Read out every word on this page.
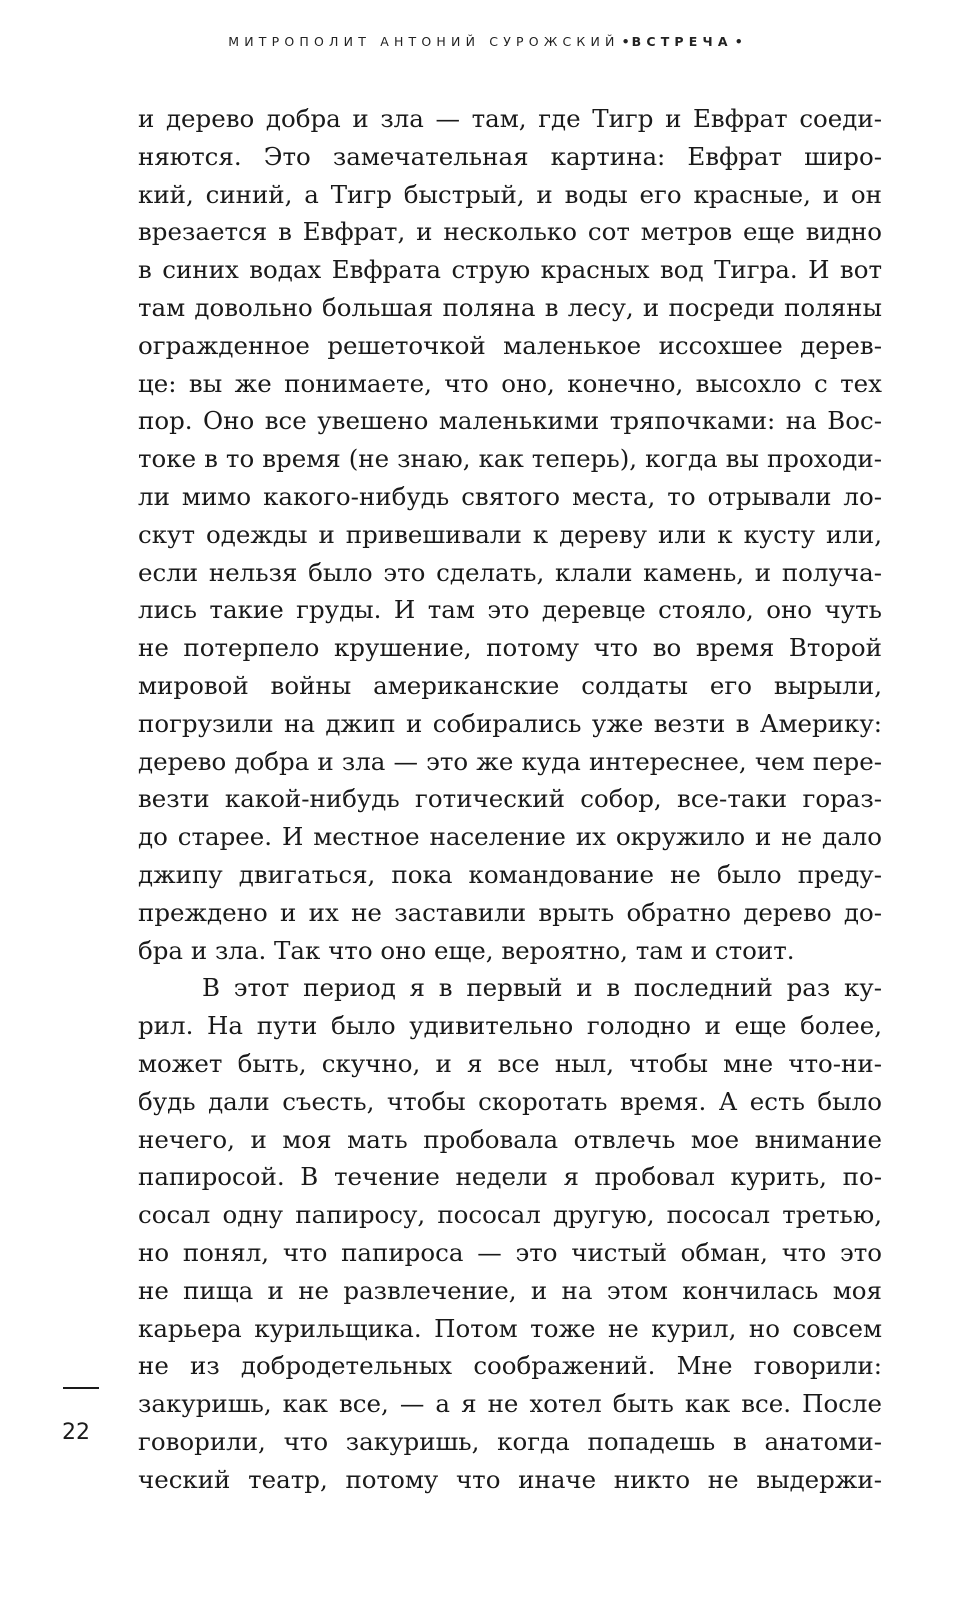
МИТРОПОЛИТ АНТОНИЙ СУРОЖСКИЙ • ВСТРЕЧА •
и дерево добра и зла — там, где Тигр и Евфрат соеди-
няются. Это замечательная картина: Евфрат широ-
кий, синий, а Тигр быстрый, и воды его красные, и он
врезается в Евфрат, и несколько сот метров еще видно
в синих водах Евфрата струю красных вод Тигра. И вот
там довольно большая поляна в лесу, и посреди поляны
огражденное решеточкой маленькое иссохшее дерев-
це: вы же понимаете, что оно, конечно, высохло с тех
пор. Оно все увешено маленькими тряпочками: на Вос-
токе в то время (не знаю, как теперь), когда вы проходи-
ли мимо какого-нибудь святого места, то отрывали ло-
скут одежды и привешивали к дереву или к кусту или,
если нельзя было это сделать, клали камень, и получа-
лись такие груды. И там это деревце стояло, оно чуть
не потерпело крушение, потому что во время Второй
мировой войны американские солдаты его вырыли,
погрузили на джип и собирались уже везти в Америку:
дерево добра и зла — это же куда интереснее, чем пере-
везти какой-нибудь готический собор, все-таки гораз-
до старее. И местное население их окружило и не дало
джипу двигаться, пока командование не было преду-
преждено и их не заставили врыть обратно дерево до-
бра и зла. Так что оно еще, вероятно, там и стоит.
В этот период я в первый и в последний раз ку-
рил. На пути было удивительно голодно и еще более,
может быть, скучно, и я все ныл, чтобы мне что-ни-
будь дали съесть, чтобы скоротать время. А есть было
нечего, и моя мать пробовала отвлечь мое внимание
папиросой. В течение недели я пробовал курить, по-
сосал одну папиросу, пососал другую, пососал третью,
но понял, что папироса — это чистый обман, что это
не пища и не развлечение, и на этом кончилась моя
карьера курильщика. Потом тоже не курил, но совсем
не из добродетельных соображений. Мне говорили:
закуришь, как все, — а я не хотел быть как все. После
говорили, что закуришь, когда попадешь в анатоми-
ческий театр, потому что иначе никто не выдержи-
22
